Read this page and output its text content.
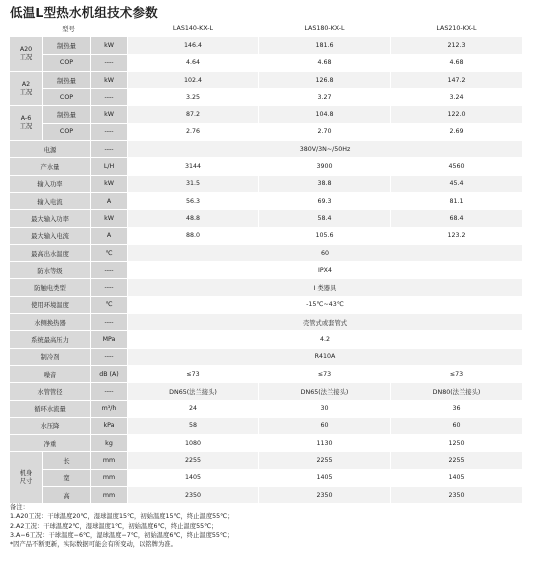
低温L型热水机组技术参数
型号			LAS140-KX-L	LAS180-KX-L	LAS210-KX-L
A20
工况	制热量	kW	146.4	181.6	212.3
	COP	----	4.64	4.68	4.68
A2
工况	制热量	kW	102.4	126.8	147.2
	COP	----	3.25	3.27	3.24
A-6
工况	制热量	kW	87.2	104.8	122.0
	COP	----	2.76	2.70	2.69
电源		----	380V/3N~/50Hz		
产水量		L/H	3144	3900	4560
输入功率		kW	31.5	38.8	45.4
输入电流		A	56.3	69.3	81.1
最大输入功率		kW	48.8	58.4	68.4
最大输入电流		A	88.0	105.6	123.2
最高出水温度		℃	60		
防水等级		----	IPX4		
防触电类型		----	I 类器具		
使用环境温度		℃	-15℃~43℃		
水侧换热器		----	壳管式或套管式		
系统最高压力		MPa	4.2		
制冷剂		----	R410A		
噪音		dB (A)	≤73	≤73	≤73
水管管径		----	DN65(法兰接头)	DN65(法兰接头)	DN80(法兰接头)
循环水流量		m³/h	24	30	36
水压降		kPa	58	60	60
净重		kg	1080	1130	1250
机身
尺寸	长	mm	2255	2255	2255
	宽	mm	1405	1405	1405
	高	mm	2350	2350	2350
备注：
1.A20工况：干球温度20℃，湿球温度15℃，初始温度15℃，终止温度55℃；
2.A2工况：干球温度2℃，湿球温度1℃，初始温度6℃，终止温度55℃；
3.A−6工况：干球温度−6℃，湿球温度−7℃，初始温度6℃，终止温度55℃；
*因产品不断更新，实际数据可能会有所变动，以铭牌为准。
